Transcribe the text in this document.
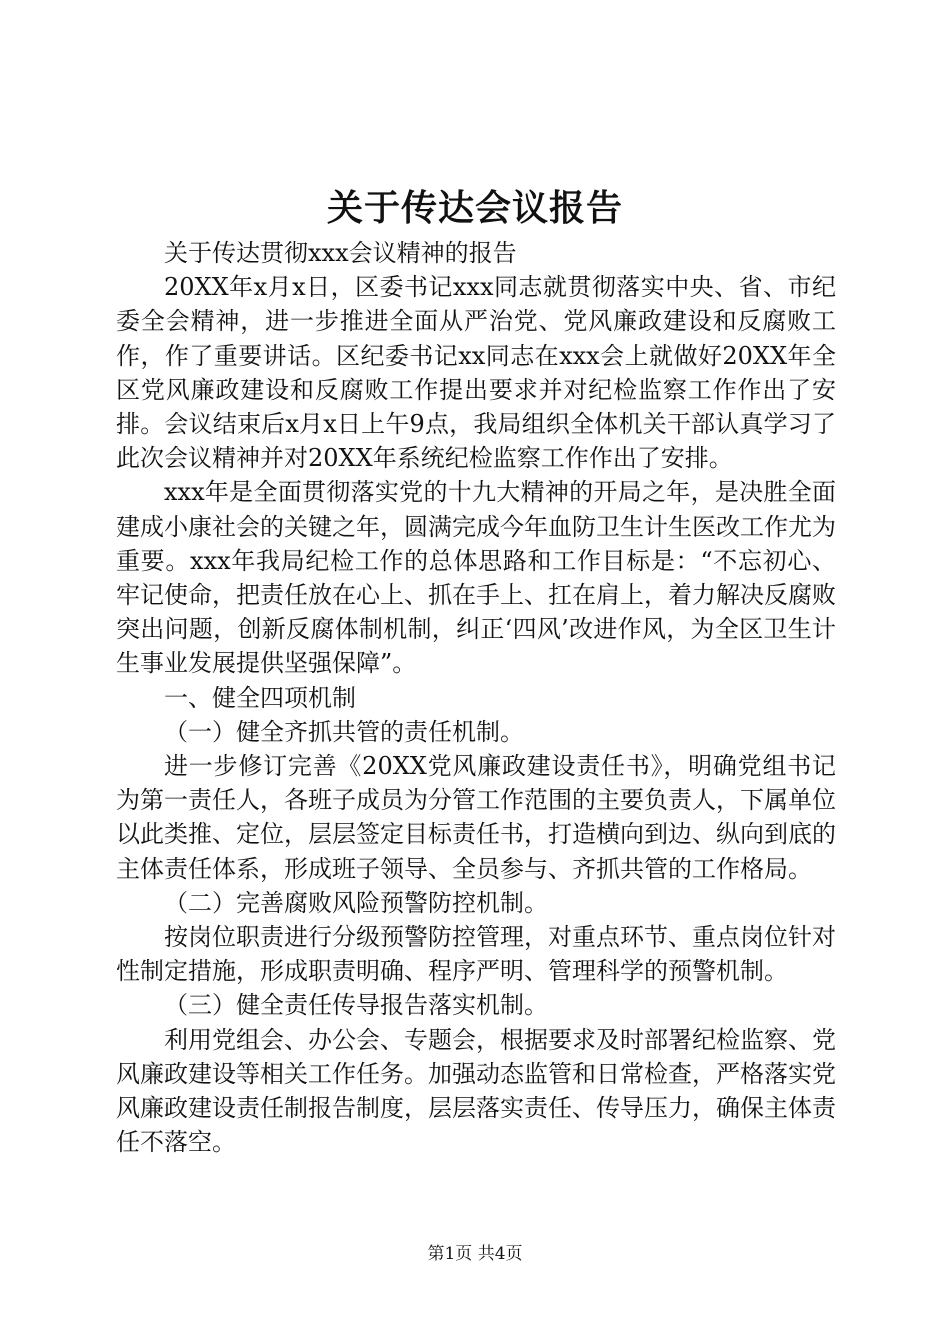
关于传达会议报告

关于传达贯彻xxx会议精神的报告

20XX年x月x日，区委书记xxx同志就贯彻落实中央、省、市纪委全会精神，进一步推进全面从严治党、党风廉政建设和反腐败工作，作了重要讲话。区纪委书记xx同志在xxx会上就做好20XX年全区党风廉政建设和反腐败工作提出要求并对纪检监察工作作出了安排。会议结束后x月x日上午9点，我局组织全体机关干部认真学习了此次会议精神并对20XX年系统纪检监察工作作出了安排。

xxx年是全面贯彻落实党的十九大精神的开局之年，是决胜全面建成小康社会的关键之年，圆满完成今年血防卫生计生医改工作尤为重要。xxx年我局纪检工作的总体思路和工作目标是：“不忘初心、牢记使命，把责任放在心上、抓在手上、扛在肩上，着力解决反腐败突出问题，创新反腐体制机制，纠正‘四风’改进作风，为全区卫生计生事业发展提供坚强保障”。

一、健全四项机制

（一）健全齐抓共管的责任机制。

进一步修订完善《20XX党风廉政建设责任书》，明确党组书记为第一责任人，各班子成员为分管工作范围的主要负责人，下属单位以此类推、定位，层层签定目标责任书，打造横向到边、纵向到底的主体责任体系，形成班子领导、全员参与、齐抓共管的工作格局。

（二）完善腐败风险预警防控机制。

按岗位职责进行分级预警防控管理，对重点环节、重点岗位针对性制定措施，形成职责明确、程序严明、管理科学的预警机制。

（三）健全责任传导报告落实机制。

利用党组会、办公会、专题会，根据要求及时部署纪检监察、党风廉政建设等相关工作任务。加强动态监管和日常检查，严格落实党风廉政建设责任制报告制度，层层落实责任、传导压力，确保主体责任不落空。

第1页 共4页
